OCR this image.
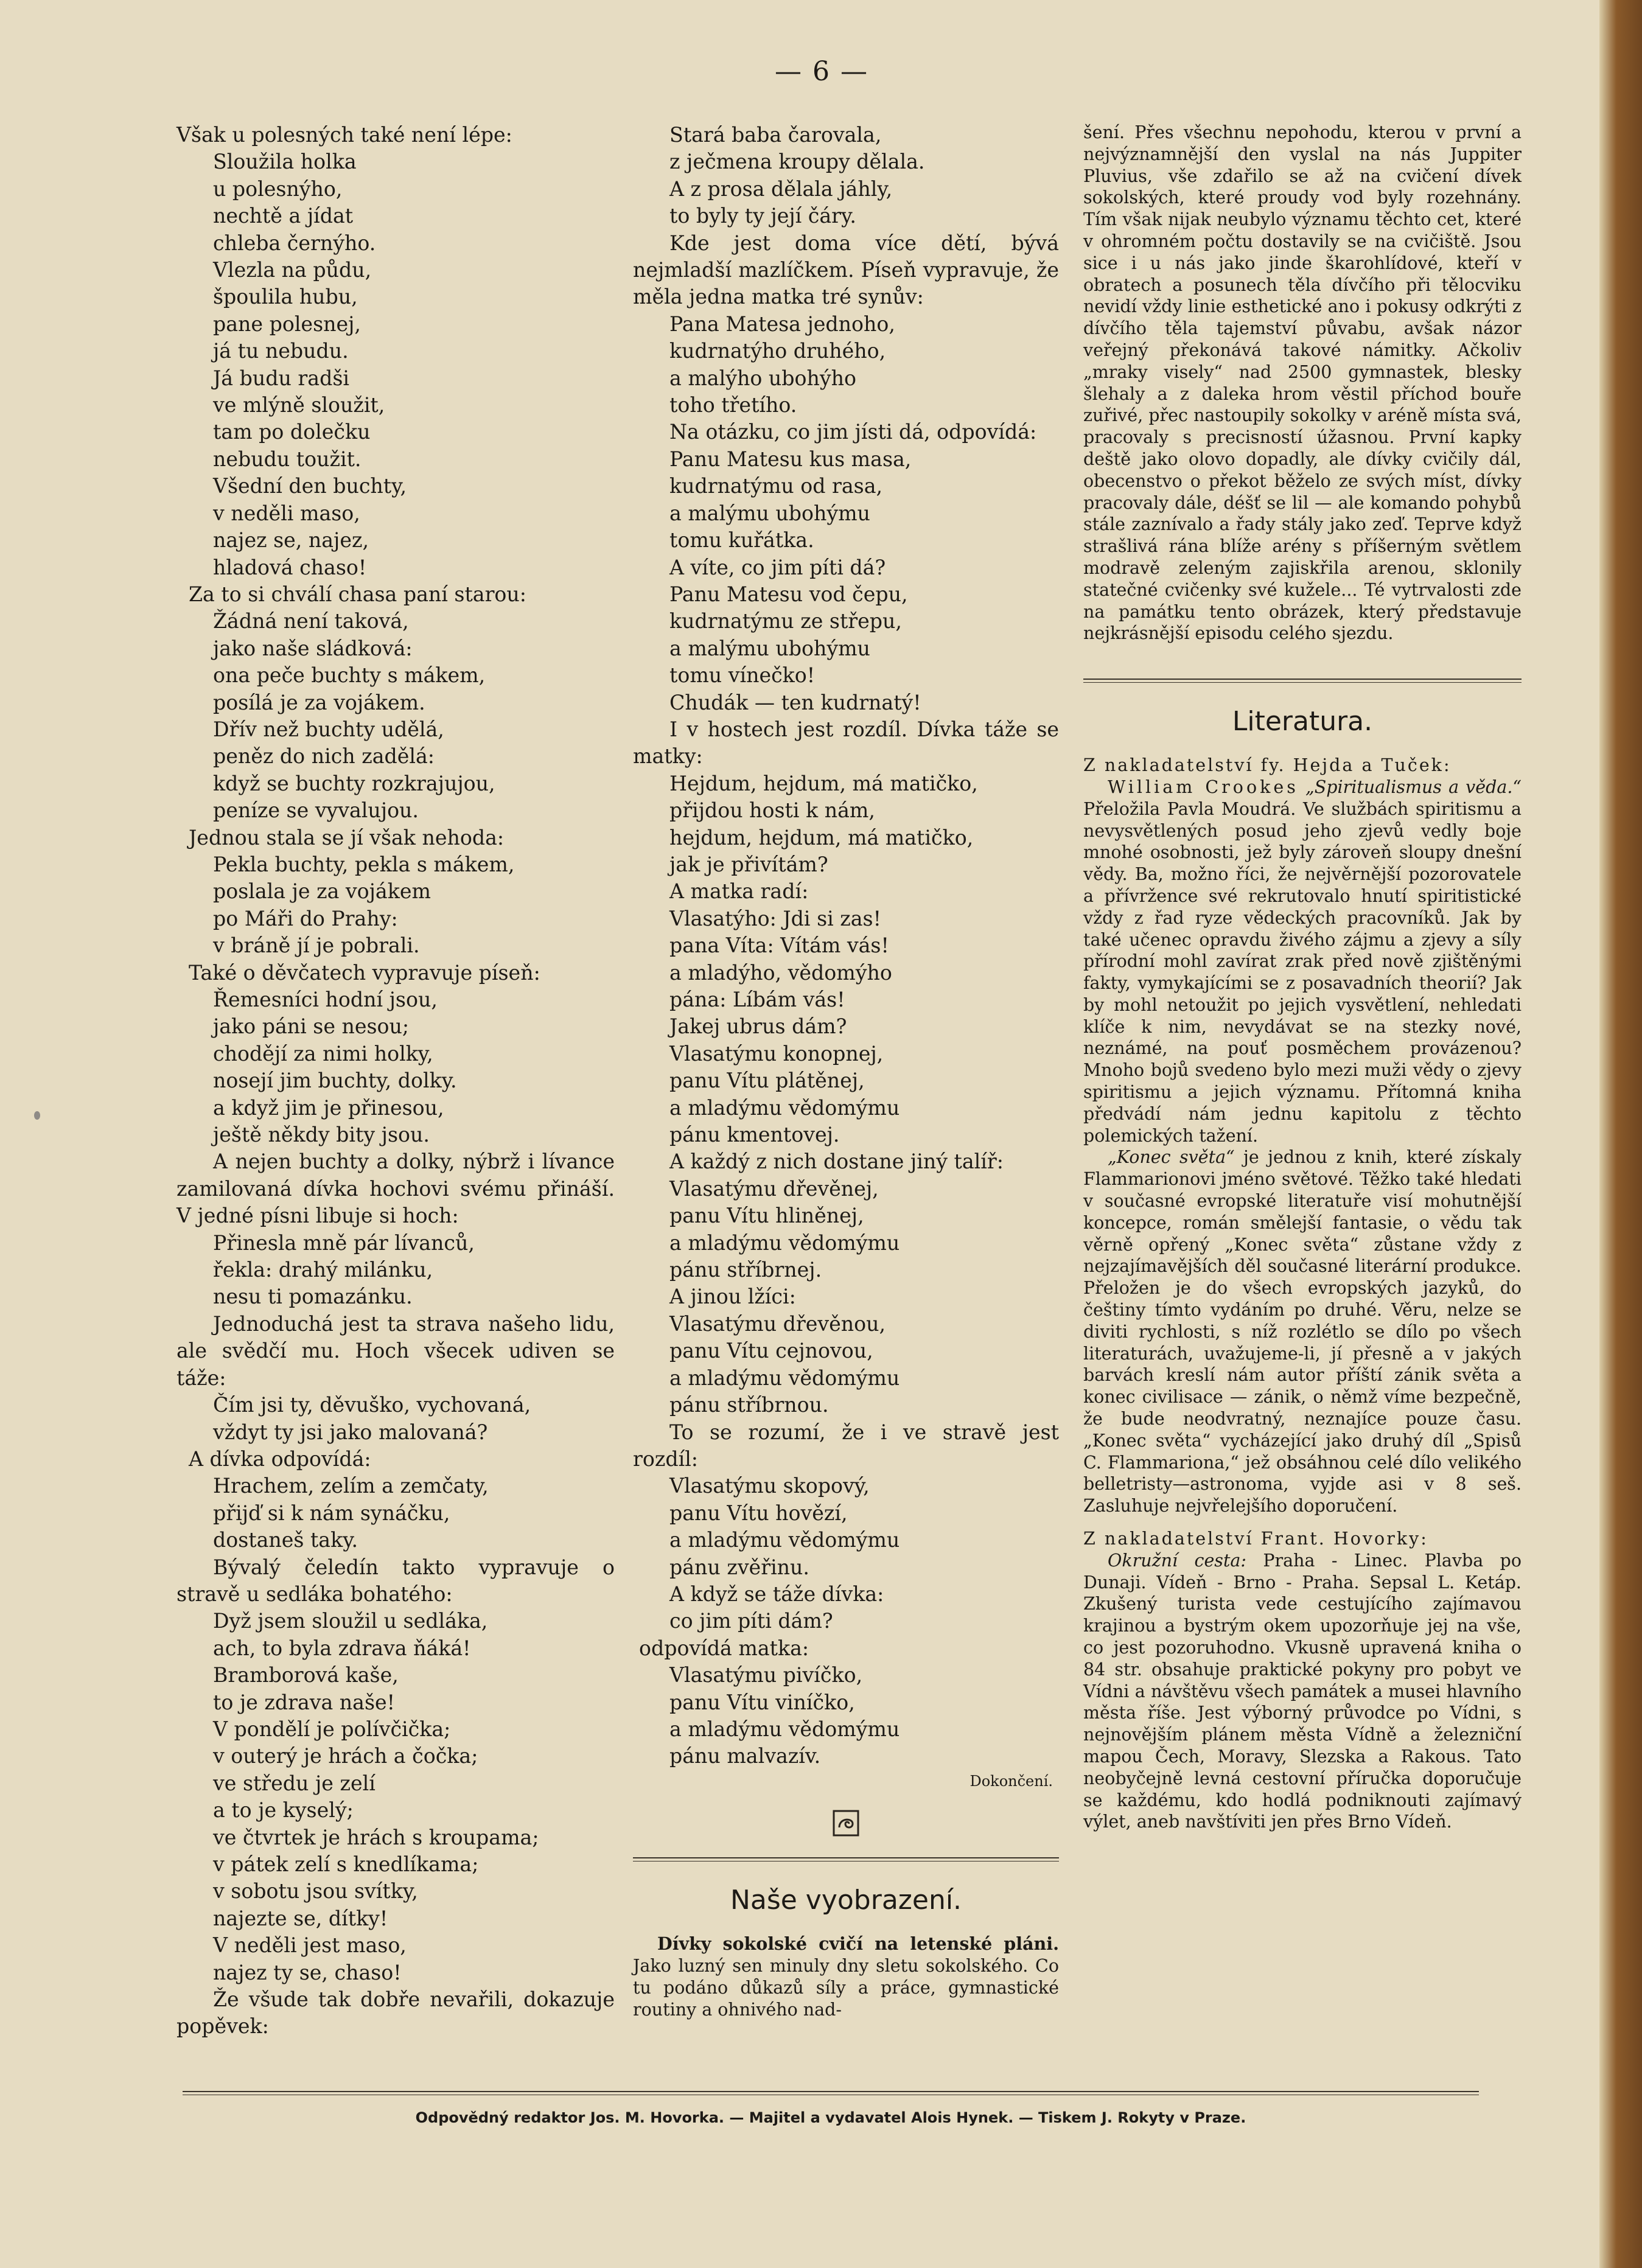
— 6 —

Však u polesných také není lépe:

Sloužila holka

u polesnýho,

nechtě a jídat

chleba černýho.

Vlezla na půdu,

špoulila hubu,

pane polesnej,

já tu nebudu.

Já budu radši

ve mlýně sloužit,

tam po dolečku

nebudu toužit.

Všední den buchty,

v neděli maso,

najez se, najez,

hladová chaso!

Za to si chválí chasa paní starou:

Žádná není taková,

jako naše sládková:

ona peče buchty s mákem,

posílá je za vojákem.

Dřív než buchty udělá,

peněz do nich zadělá:

když se buchty rozkrajujou,

peníze se vyvalujou.

Jednou stala se jí však nehoda:

Pekla buchty, pekla s mákem,

poslala je za vojákem

po Máři do Prahy:

v bráně jí je pobrali.

Také o děvčatech vypravuje píseň:

Řemesníci hodní jsou,

jako páni se nesou;

chodějí za nimi holky,

nosejí jim buchty, dolky.

a když jim je přinesou,

ještě někdy bity jsou.

A nejen buchty a dolky, nýbrž i lívance zamilovaná dívka hochovi svému přináší. V jedné písni libuje si hoch:

Přinesla mně pár lívanců,

řekla: drahý milánku,

nesu ti pomazánku.

Jednoduchá jest ta strava našeho lidu, ale svědčí mu. Hoch všecek udiven se táže:

Čím jsi ty, děvuško, vychovaná,

vždyt ty jsi jako malovaná?

A dívka odpovídá:

Hrachem, zelím a zemčaty,

přijď si k nám synáčku,

dostaneš taky.

Bývalý čeledín takto vypravuje o stravě u sedláka bohatého:

Dyž jsem sloužil u sedláka,

ach, to byla zdrava ňáká!

Bramborová kaše,

to je zdrava naše!

V pondělí je polívčička;

v outerý je hrách a čočka;

ve středu je zelí

a to je kyselý;

ve čtvrtek je hrách s kroupama;

v pátek zelí s knedlíkama;

v sobotu jsou svítky,

najezte se, dítky!

V neděli jest maso,

najez ty se, chaso!

Že všude tak dobře nevařili, dokazuje popěvek:

Stará baba čarovala,

z ječmena kroupy dělala.

A z prosa dělala jáhly,

to byly ty její čáry.

Kde jest doma více dětí, bývá nejmladší mazlíčkem. Píseň vypravuje, že měla jedna matka tré synův:

Pana Matesa jednoho,

kudrnatýho druhého,

a malýho ubohýho

toho třetího.

Na otázku, co jim jísti dá, odpovídá:

Panu Matesu kus masa,

kudrnatýmu od rasa,

a malýmu ubohýmu

tomu kuřátka.

A víte, co jim píti dá?

Panu Matesu vod čepu,

kudrnatýmu ze střepu,

a malýmu ubohýmu

tomu vínečko!

Chudák — ten kudrnatý!

I v hostech jest rozdíl. Dívka táže se matky:

Hejdum, hejdum, má matičko,

přijdou hosti k nám,

hejdum, hejdum, má matičko,

jak je přivítám?

A matka radí:

Vlasatýho: Jdi si zas!

pana Víta: Vítám vás!

a mladýho, vědomýho

pána: Líbám vás!

Jakej ubrus dám?

Vlasatýmu konopnej,

panu Vítu plátěnej,

a mladýmu vědomýmu

pánu kmentovej.

A každý z nich dostane jiný talíř:

Vlasatýmu dřevěnej,

panu Vítu hliněnej,

a mladýmu vědomýmu

pánu stříbrnej.

A jinou lžíci:

Vlasatýmu dřevěnou,

panu Vítu cejnovou,

a mladýmu vědomýmu

pánu stříbrnou.

To se rozumí, že i ve stravě jest rozdíl:

Vlasatýmu skopový,

panu Vítu hovězí,

a mladýmu vědomýmu

pánu zvěřinu.

A když se táže dívka:

co jim píti dám?

odpovídá matka:

Vlasatýmu pivíčko,

panu Vítu viníčko,

a mladýmu vědomýmu

pánu malvazív.

Dokončení.

Naše vyobrazení.

Dívky sokolské cvičí na letenské pláni. Jako luzný sen minuly dny sletu sokolského. Co tu podáno důkazů síly a práce, gymnastické routiny a ohnivého nad-

šení. Přes všechnu nepohodu, kterou v první a nejvýznamnější den vyslal na nás Juppiter Pluvius, vše zdařilo se až na cvičení dívek sokolských, které proudy vod byly rozehnány. Tím však nijak neubylo významu těchto cet, které v ohromném počtu dostavily se na cvičiště. Jsou sice i u nás jako jinde škarohlídové, kteří v obratech a posunech těla dívčího při tělocviku nevidí vždy linie esthetické ano i pokusy odkrýti z dívčího těla tajemství půvabu, avšak názor veřejný překonává takové námitky. Ačkoliv „mraky visely“ nad 2500 gymnastek, blesky šlehaly a z daleka hrom věstil příchod bouře zuřivé, přec nastoupily sokolky v aréně místa svá, pracovaly s precisností úžasnou. První kapky deště jako olovo dopadly, ale dívky cvičily dál, obecenstvo o překot běželo ze svých míst, dívky pracovaly dále, déšť se lil — ale komando pohybů stále zaznívalo a řady stály jako zeď. Teprve když strašlivá rána blíže arény s příšerným světlem modravě zeleným zajiskřila arenou, sklonily statečné cvičenky své kužele... Té vytrvalosti zde na památku tento obrázek, který představuje nejkrásnější episodu celého sjezdu.

Literatura.

Z nakladatelství fy. Hejda a Tuček:

William Crookes „Spiritualismus a věda.“ Přeložila Pavla Moudrá. Ve službách spiritismu a nevysvětlených posud jeho zjevů vedly boje mnohé osobnosti, jež byly zároveň sloupy dnešní vědy. Ba, možno říci, že nejvěrnější pozorovatele a přívržence své rekrutovalo hnutí spiritistické vždy z řad ryze vědeckých pracovníků. Jak by také učenec opravdu živého zájmu a zjevy a síly přírodní mohl zavírat zrak před nově zjištěnými fakty, vymykajícími se z posavadních theorií? Jak by mohl netoužit po jejich vysvětlení, nehledati klíče k nim, nevydávat se na stezky nové, neznámé, na pouť posměchem provázenou? Mnoho bojů svedeno bylo mezi muži vědy o zjevy spiritismu a jejich významu. Přítomná kniha předvádí nám jednu kapitolu z těchto polemických tažení.

„Konec světa“ je jednou z knih, které získaly Flammarionovi jméno světové. Těžko také hledati v současné evropské literatuře visí mohutnější koncepce, román smělejší fantasie, o vědu tak věrně opřený „Konec světa“ zůstane vždy z nejzajímavějších děl současné literární produkce. Přeložen je do všech evropských jazyků, do češtiny tímto vydáním po druhé. Věru, nelze se diviti rychlosti, s níž rozlétlo se dílo po všech literaturách, uvažujeme-li, jí přesně a v jakých barvách kreslí nám autor příští zánik světa a konec civilisace — zánik, o němž víme bezpečně, že bude neodvratný, neznajíce pouze času. „Konec světa“ vycházející jako druhý díl „Spisů C. Flammariona,“ jež obsáhnou celé dílo velikého belletristy—astronoma, vyjde asi v 8 seš. Zasluhuje nejvřelejšího doporučení.

Z nakladatelství Frant. Hovorky:

Okružní cesta: Praha - Linec. Plavba po Dunaji. Vídeň - Brno - Praha. Sepsal L. Ketáp. Zkušený turista vede cestujícího zajímavou krajinou a bystrým okem upozorňuje jej na vše, co jest pozoruhodno. Vkusně upravená kniha o 84 str. obsahuje praktické pokyny pro pobyt ve Vídni a návštěvu všech památek a musei hlavního města říše. Jest výborný průvodce po Vídni, s nejnovějším plánem města Vídně a železniční mapou Čech, Moravy, Slezska a Rakous. Tato neobyčejně levná cestovní příručka doporučuje se každému, kdo hodlá podniknouti zajímavý výlet, aneb navštíviti jen přes Brno Vídeň.

Odpovědný redaktor Jos. M. Hovorka. — Majitel a vydavatel Alois Hynek. — Tiskem J. Rokyty v Praze.
